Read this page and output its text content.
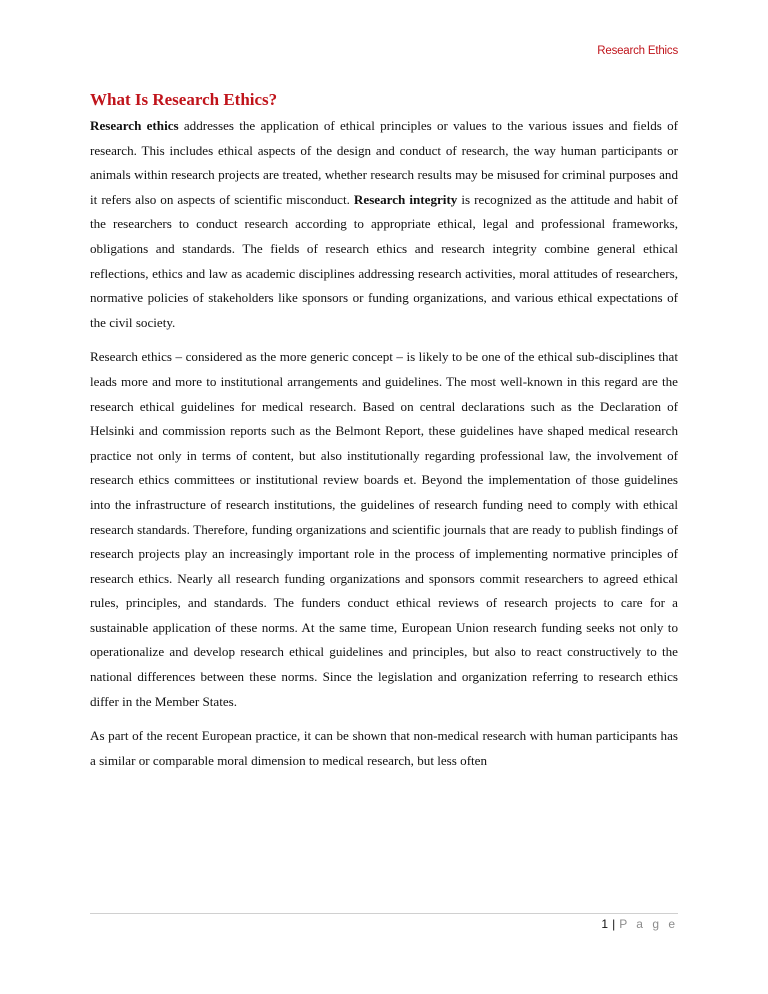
Research Ethics
What Is Research Ethics?

Research ethics addresses the application of ethical principles or values to the various issues and fields of research. This includes ethical aspects of the design and conduct of research, the way human participants or animals within research projects are treated, whether research results may be misused for criminal purposes and it refers also on aspects of scientific misconduct. Research integrity is recognized as the attitude and habit of the researchers to conduct research according to appropriate ethical, legal and professional frameworks, obligations and standards. The fields of research ethics and research integrity combine general ethical reflections, ethics and law as academic disciplines addressing research activities, moral attitudes of researchers, normative policies of stakeholders like sponsors or funding organizations, and various ethical expectations of the civil society.

Research ethics – considered as the more generic concept – is likely to be one of the ethical sub-disciplines that leads more and more to institutional arrangements and guidelines. The most well-known in this regard are the research ethical guidelines for medical research. Based on central declarations such as the Declaration of Helsinki and commission reports such as the Belmont Report, these guidelines have shaped medical research practice not only in terms of content, but also institutionally regarding professional law, the involvement of research ethics committees or institutional review boards et. Beyond the implementation of those guidelines into the infrastructure of research institutions, the guidelines of research funding need to comply with ethical research standards. Therefore, funding organizations and scientific journals that are ready to publish findings of research projects play an increasingly important role in the process of implementing normative principles of research ethics. Nearly all research funding organizations and sponsors commit researchers to agreed ethical rules, principles, and standards. The funders conduct ethical reviews of research projects to care for a sustainable application of these norms. At the same time, European Union research funding seeks not only to operationalize and develop research ethical guidelines and principles, but also to react constructively to the national differences between these norms. Since the legislation and organization referring to research ethics differ in the Member States.

As part of the recent European practice, it can be shown that non-medical research with human participants has a similar or comparable moral dimension to medical research, but less often

1 | P a g e
